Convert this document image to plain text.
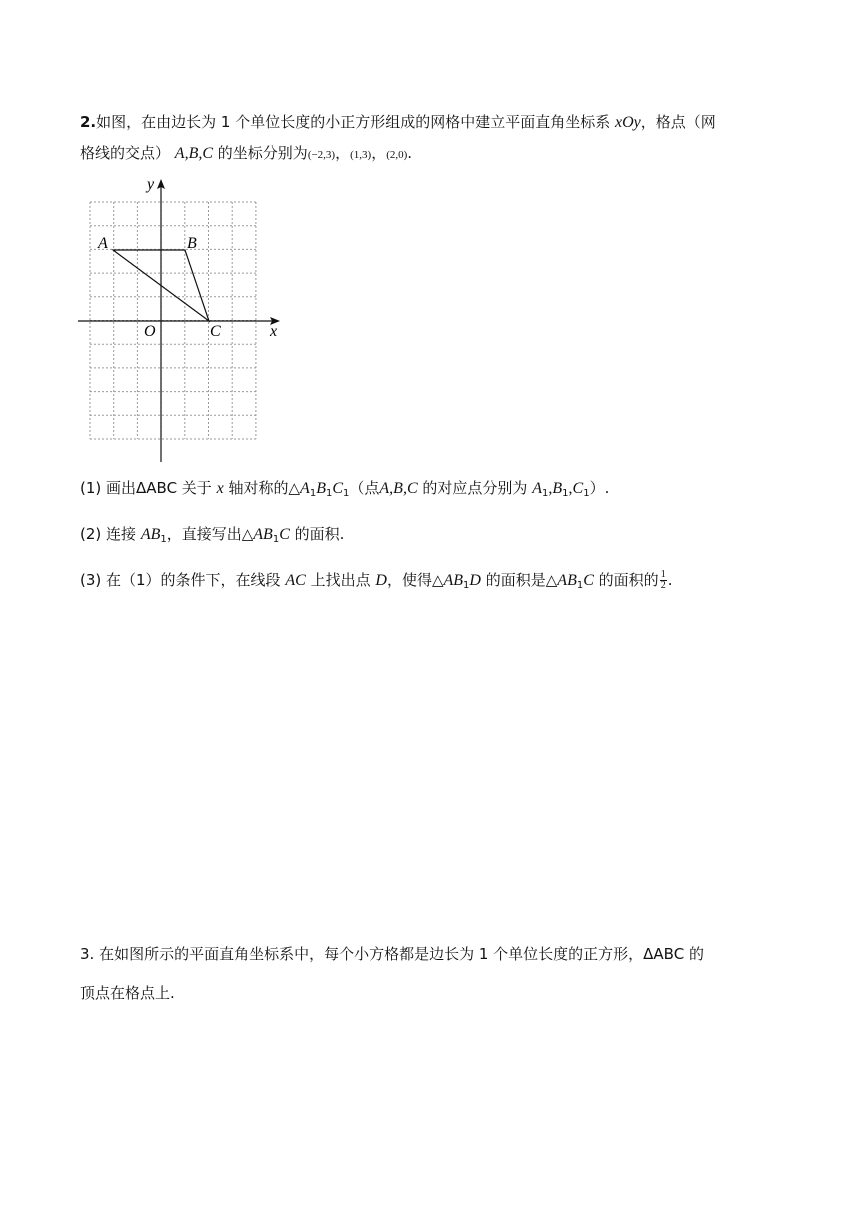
2.如图，在由边长为 1 个单位长度的小正方形组成的网格中建立平面直角坐标系 xOy，格点（网
格线的交点） A,B,C 的坐标分别为(−2,3)，(1,3)，(2,0).
y
x
O
A	B
C
(1) 画出ΔABC 关于 x 轴对称的$\triangle A_1B_1C_1$（点A,B,C 的对应点分别为 $A_1,B_1,C_1$）.
(2) 连接 $AB_1$，直接写出$\triangle AB_1C$ 的面积.
(3) 在（1）的条件下，在线段 AC 上找出点 D，使得$\triangle AB_1D$ 的面积是$\triangle AB_1C$ 的面积的 $\frac{1}{2}$ .
3. 在如图所示的平面直角坐标系中，每个小方格都是边长为 1 个单位长度的正方形，ΔABC 的
顶点在格点上.
